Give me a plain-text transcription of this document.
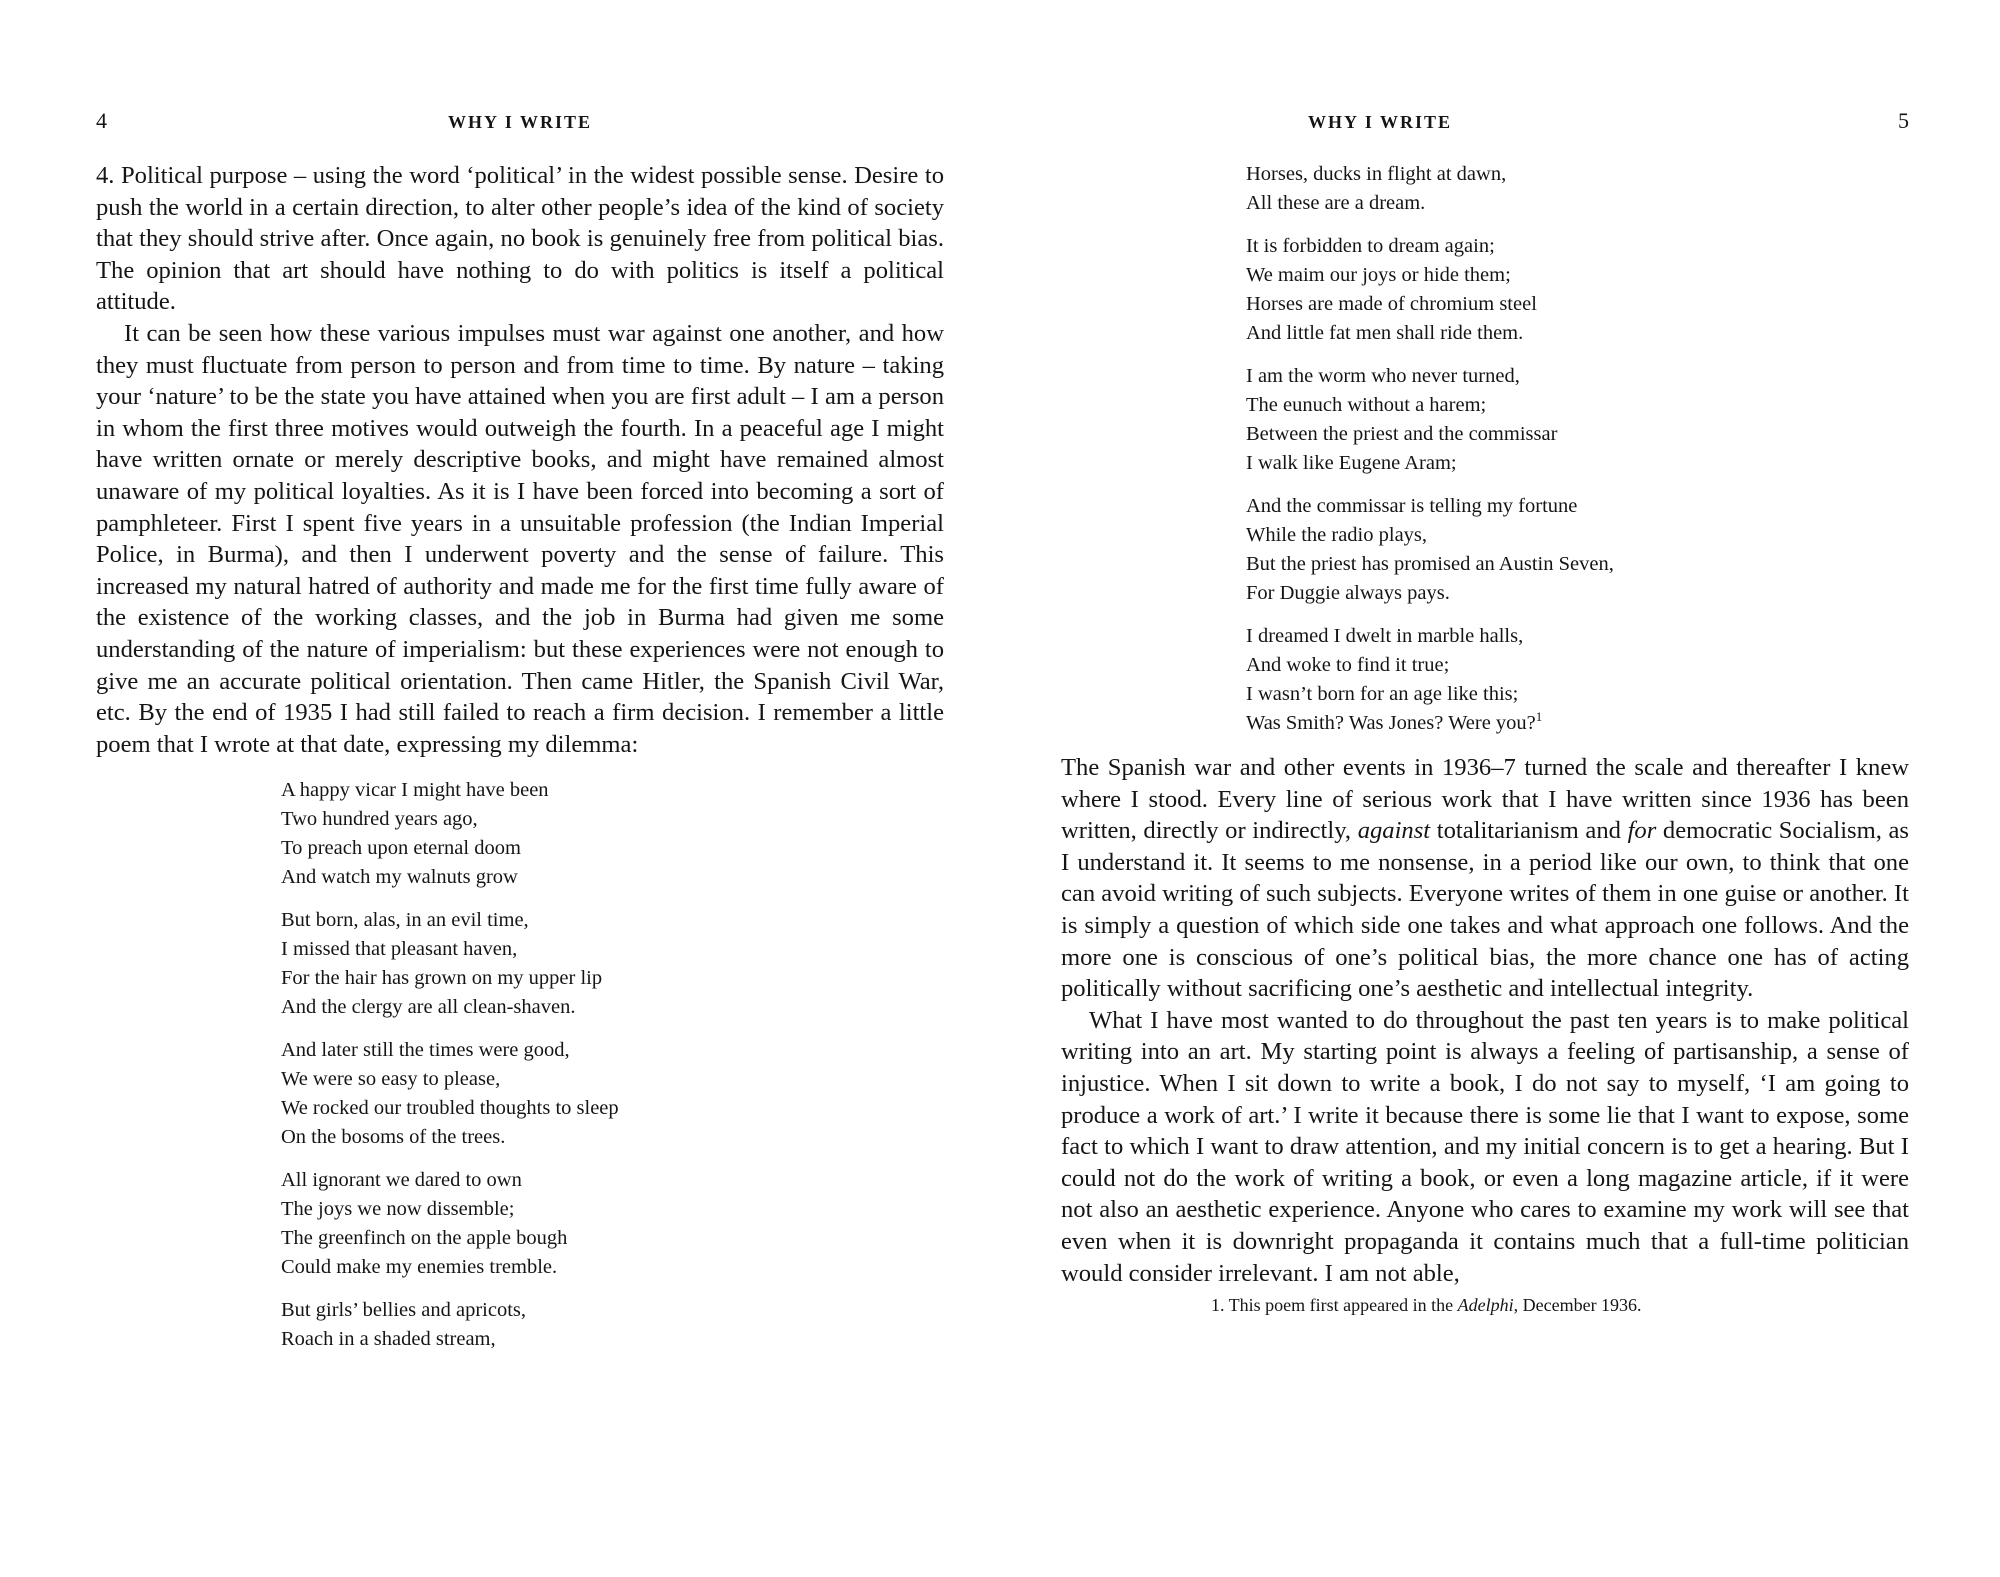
4	WHY I WRITE

4. Political purpose – using the word ‘political’ in the widest possible sense. Desire to push the world in a certain direction, to alter other people’s idea of the kind of society that they should strive after. Once again, no book is genuinely free from political bias. The opinion that art should have nothing to do with politics is itself a political attitude.

It can be seen how these various impulses must war against one another, and how they must fluctuate from person to person and from time to time. By nature – taking your ‘nature’ to be the state you have attained when you are first adult – I am a person in whom the first three motives would outweigh the fourth. In a peaceful age I might have written ornate or merely descriptive books, and might have remained almost unaware of my political loyalties. As it is I have been forced into becoming a sort of pamphleteer. First I spent five years in a unsuitable profession (the Indian Imperial Police, in Burma), and then I underwent poverty and the sense of failure. This increased my natural hatred of authority and made me for the first time fully aware of the existence of the working classes, and the job in Burma had given me some understanding of the nature of imperialism: but these experiences were not enough to give me an accurate political orientation. Then came Hitler, the Spanish Civil War, etc. By the end of 1935 I had still failed to reach a firm decision. I remember a little poem that I wrote at that date, expressing my dilemma:

A happy vicar I might have been
Two hundred years ago,
To preach upon eternal doom
And watch my walnuts grow
But born, alas, in an evil time,
I missed that pleasant haven,
For the hair has grown on my upper lip
And the clergy are all clean-shaven.
And later still the times were good,
We were so easy to please,
We rocked our troubled thoughts to sleep
On the bosoms of the trees.
All ignorant we dared to own
The joys we now dissemble;
The greenfinch on the apple bough
Could make my enemies tremble.
But girls’ bellies and apricots,
Roach in a shaded stream,
WHY I WRITE	5
Horses, ducks in flight at dawn,
All these are a dream.
It is forbidden to dream again;
We maim our joys or hide them;
Horses are made of chromium steel
And little fat men shall ride them.
I am the worm who never turned,
The eunuch without a harem;
Between the priest and the commissar
I walk like Eugene Aram;
And the commissar is telling my fortune
While the radio plays,
But the priest has promised an Austin Seven,
For Duggie always pays.
I dreamed I dwelt in marble halls,
And woke to find it true;
I wasn’t born for an age like this;
Was Smith? Was Jones? Were you?$^1$

The Spanish war and other events in 1936–7 turned the scale and thereafter I knew where I stood. Every line of serious work that I have written since 1936 has been written, directly or indirectly, against totalitarianism and for democratic Socialism, as I understand it. It seems to me nonsense, in a period like our own, to think that one can avoid writing of such subjects. Everyone writes of them in one guise or another. It is simply a question of which side one takes and what approach one follows. And the more one is conscious of one’s political bias, the more chance one has of acting politically without sacrificing one’s aesthetic and intellectual integrity.

What I have most wanted to do throughout the past ten years is to make political writing into an art. My starting point is always a feeling of partisanship, a sense of injustice. When I sit down to write a book, I do not say to myself, ‘I am going to produce a work of art.’ I write it because there is some lie that I want to expose, some fact to which I want to draw attention, and my initial concern is to get a hearing. But I could not do the work of writing a book, or even a long magazine article, if it were not also an aesthetic experience. Anyone who cares to examine my work will see that even when it is downright propaganda it contains much that a full-time politician would consider irrelevant. I am not able,

1. This poem first appeared in the Adelphi, December 1936.
